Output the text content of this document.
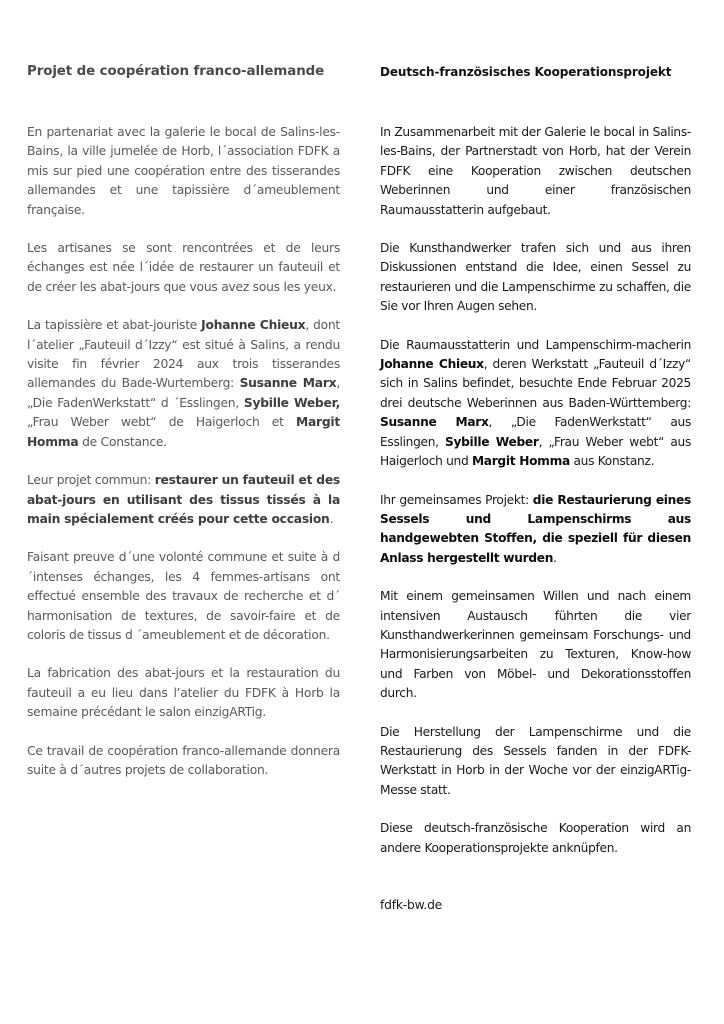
Projet de coopération franco-allemande

En partenariat avec la galerie le bocal de Salins-les-Bains, la ville jumelée de Horb, l´association FDFK a mis sur pied une coopération entre des tisserandes allemandes et une tapissière d´ameublement française.

Les artisanes se sont rencontrées et de leurs échanges est née l´idée de restaurer un fauteuil et de créer les abat-jours que vous avez sous les yeux.

La tapissière et abat-jouriste Johanne Chieux, dont l´atelier „Fauteuil d´Izzy“ est situé à Salins, a rendu visite fin février 2024 aux trois tisserandes allemandes du Bade-Wurtemberg: Susanne Marx, „Die FadenWerkstatt“ d ´Esslingen, Sybille Weber, „Frau Weber webt“ de Haigerloch et Margit Homma de Constance.

Leur projet commun: restaurer un fauteuil et des abat-jours en utilisant des tissus tissés à la main spécialement créés pour cette occasion.

Faisant preuve d´une volonté commune et suite à d´intenses échanges, les 4 femmes-artisans ont effectué ensemble des travaux de recherche et d´ harmonisation de textures, de savoir-faire et de coloris de tissus d ´ameublement et de décoration.

La fabrication des abat-jours et la restauration du fauteuil a eu lieu dans l’atelier du FDFK à Horb la semaine précédant le salon einzigARTig.

Ce travail de coopération franco-allemande donnera suite à d´autres projets de collaboration.

Deutsch-französisches Kooperationsprojekt

In Zusammenarbeit mit der Galerie le bocal in Salins-les-Bains, der Partnerstadt von Horb, hat der Verein FDFK eine Kooperation zwischen deutschen Weberinnen und einer französischen Raumausstatterin aufgebaut.

Die Kunsthandwerker trafen sich und aus ihren Diskussionen entstand die Idee, einen Sessel zu restaurieren und die Lampenschirme zu schaffen, die Sie vor Ihren Augen sehen.

Die Raumausstatterin und Lampenschirm-macherin Johanne Chieux, deren Werkstatt „Fauteuil d´Izzy“ sich in Salins befindet, besuchte Ende Februar 2025 drei deutsche Weberinnen aus Baden-Württemberg: Susanne Marx, „Die FadenWerkstatt“ aus Esslingen, Sybille Weber, „Frau Weber webt“ aus Haigerloch und Margit Homma aus Konstanz.

Ihr gemeinsames Projekt: die Restaurierung eines Sessels und Lampenschirms aus handgewebten Stoffen, die speziell für diesen Anlass hergestellt wurden.

Mit einem gemeinsamen Willen und nach einem intensiven Austausch führten die vier Kunsthandwerkerinnen gemeinsam Forschungs- und Harmonisierungsarbeiten zu Texturen, Know-how und Farben von Möbel- und Dekorationsstoffen durch.

Die Herstellung der Lampenschirme und die Restaurierung des Sessels fanden in der FDFK-Werkstatt in Horb in der Woche vor der einzigARTig-Messe statt.

Diese deutsch-französische Kooperation wird an andere Kooperationsprojekte anknüpfen.

fdfk-bw.de
